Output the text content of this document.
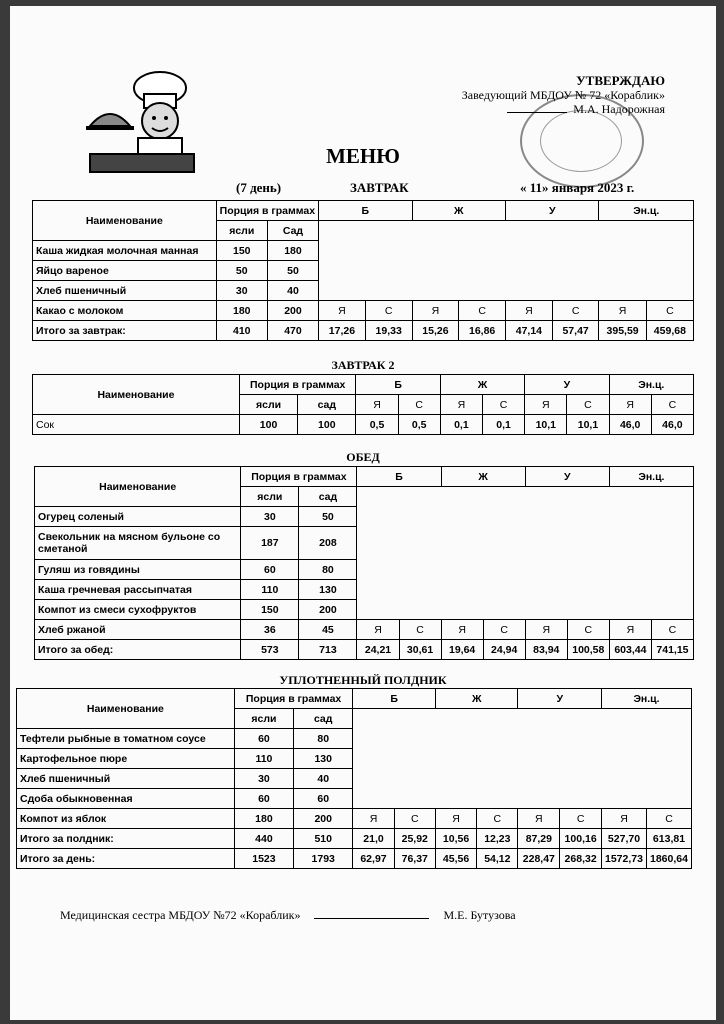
УТВЕРЖДАЮ
Заведующий МБДОУ № 72 «Кораблик»
М.А. Надорожная
МЕНЮ
(7 день)	ЗАВТРАК	« 11» января 2023 г.
Наименование	Порция в граммах		Б		Ж		У		Эн.ц.	
	ясли	Сад								
Каша жидкая молочная манная	150	180								
Яйцо вареное	50	50								
Хлеб пшеничный	30	40								
Какао с молоком	180	200	Я	С	Я	С	Я	С	Я	С
Итого за завтрак:	410	470	17,26	19,33	15,26	16,86	47,14	57,47	395,59	459,68
ЗАВТРАК 2
Наименование	Порция в граммах		Б		Ж		У		Эн.ц.	
	ясли	сад	Я	С	Я	С	Я	С	Я	С
Сок	100	100	0,5	0,5	0,1	0,1	10,1	10,1	46,0	46,0
ОБЕД
Наименование	Порция в граммах		Б		Ж		У		Эн.ц.	
	ясли	сад								
Огурец соленый	30	50								
Свекольник на мясном бульоне со
сметаной	187	208								
Гуляш из говядины	60	80								
Каша гречневая рассыпчатая	110	130								
Компот из смеси сухофруктов	150	200								
Хлеб ржаной	36	45	Я	С	Я	С	Я	С	Я	С
Итого за обед:	573	713	24,21	30,61	19,64	24,94	83,94	100,58	603,44	741,15
УПЛОТНЕННЫЙ ПОЛДНИК
Наименование	Порция в граммах		Б		Ж		У		Эн.ц.	
	ясли	сад								
Тефтели рыбные в томатном соусе	60	80								
Картофельное пюре	110	130								
Хлеб пшеничный	30	40								
Сдоба обыкновенная	60	60								
Компот из яблок	180	200	Я	С	Я	С	Я	С	Я	С
Итого за полдник:	440	510	21,0	25,92	10,56	12,23	87,29	100,16	527,70	613,81
Итого за день:	1523	1793	62,97	76,37	45,56	54,12	228,47	268,32	1572,73	1860,64
Медицинская сестра МБДОУ №72 «Кораблик»	М.Е. Бутузова
